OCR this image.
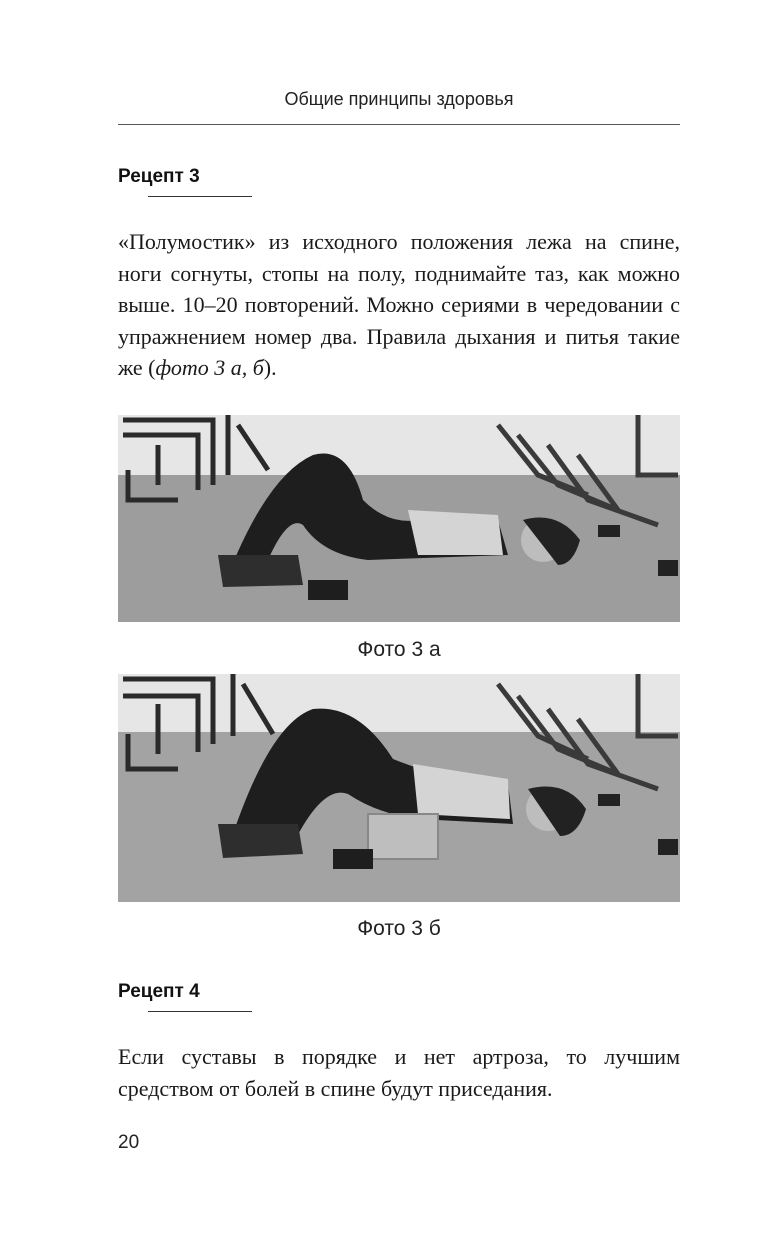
Общие принципы здоровья
Рецепт 3
«Полумостик» из исходного положения лежа на спине, ноги согнуты, стопы на полу, поднимайте таз, как можно выше. 10–20 повторений. Можно сериями в чередовании с упражнением номер два. Правила дыхания и питья такие же (фото 3 а, б).
Фото 3 а
Фото 3 б
Рецепт 4
Если суставы в порядке и нет артроза, то лучшим средством от болей в спине будут приседания.
20
